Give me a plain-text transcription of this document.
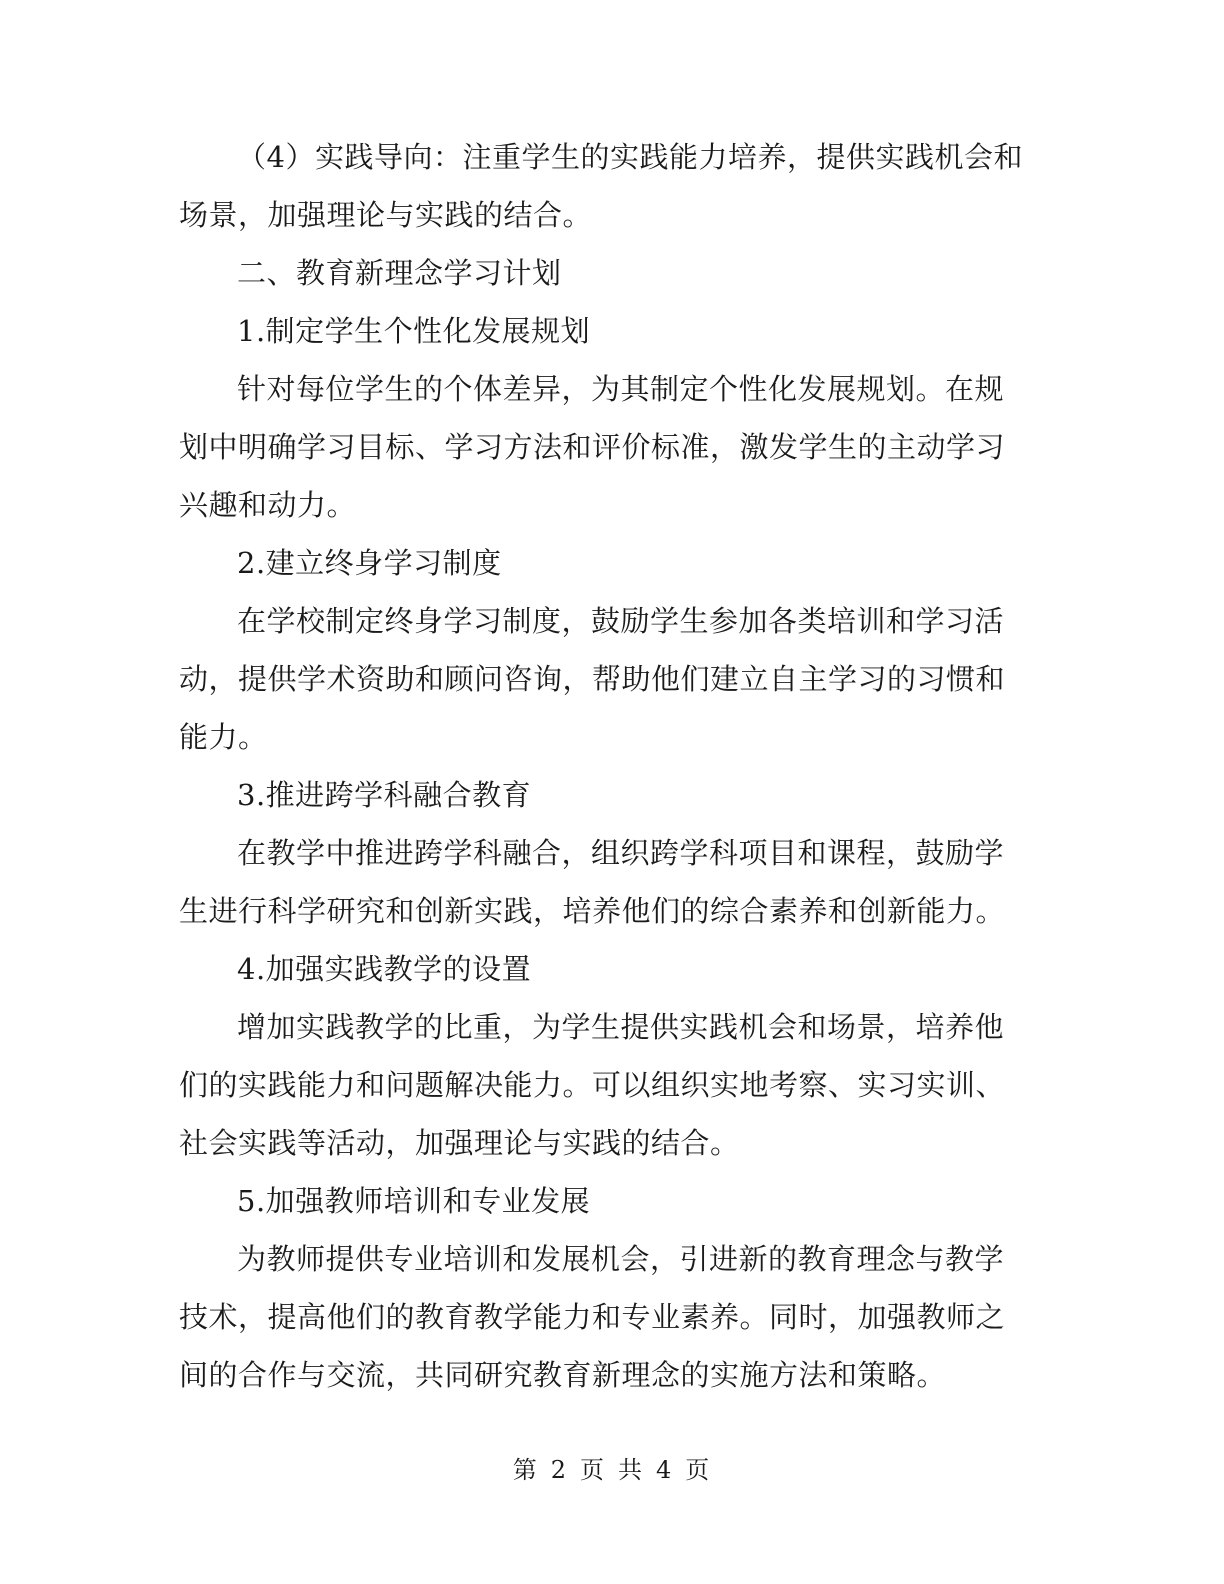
（4）实践导向：注重学生的实践能力培养，提供实践机会和场景，加强理论与实践的结合。

二、教育新理念学习计划

1.制定学生个性化发展规划

针对每位学生的个体差异，为其制定个性化发展规划。在规划中明确学习目标、学习方法和评价标准，激发学生的主动学习兴趣和动力。

2.建立终身学习制度

在学校制定终身学习制度，鼓励学生参加各类培训和学习活动，提供学术资助和顾问咨询，帮助他们建立自主学习的习惯和能力。

3.推进跨学科融合教育

在教学中推进跨学科融合，组织跨学科项目和课程，鼓励学生进行科学研究和创新实践，培养他们的综合素养和创新能力。

4.加强实践教学的设置

增加实践教学的比重，为学生提供实践机会和场景，培养他们的实践能力和问题解决能力。可以组织实地考察、实习实训、社会实践等活动，加强理论与实践的结合。

5.加强教师培训和专业发展

为教师提供专业培训和发展机会，引进新的教育理念与教学技术，提高他们的教育教学能力和专业素养。同时，加强教师之间的合作与交流，共同研究教育新理念的实施方法和策略。

第 2 页 共 4 页
